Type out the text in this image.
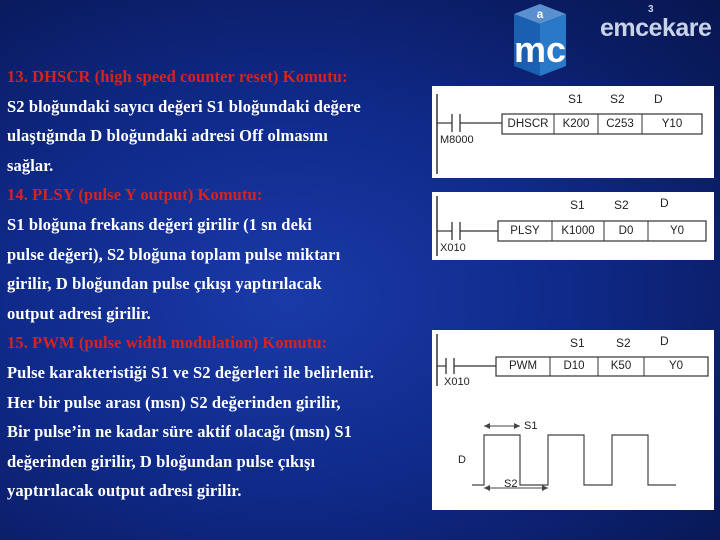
13. DHSCR (high speed counter reset) Komutu:
S2 bloğundaki sayıcı değeri S1 bloğundaki değere
ulaştığında D bloğundaki adresi Off olmasını
sağlar.
14. PLSY (pulse Y output) Komutu:
S1 bloğuna frekans değeri girilir (1 sn deki
pulse değeri), S2 bloğuna toplam pulse miktarı
girilir, D bloğundan pulse çıkışı yaptırılacak
output adresi girilir.
15. PWM (pulse width modulation) Komutu:
Pulse karakteristiği S1 ve S2 değerleri ile belirlenir.
Her bir pulse arası (msn) S2 değerinden girilir,
Bir pulse’in ne kadar süre aktif olacağı (msn) S1
değerinden girilir, D bloğundan pulse çıkışı
yaptırılacak output adresi girilir.
a
mc
emcekare
3
S1 S2 D
DHSCR	K200	C253	Y10
M8000
S1 S2	D
PLSY	K1000	D0	Y0
X010
S1	S2 D
PWM	D10	K50	Y0
X010
S1
S2
D
